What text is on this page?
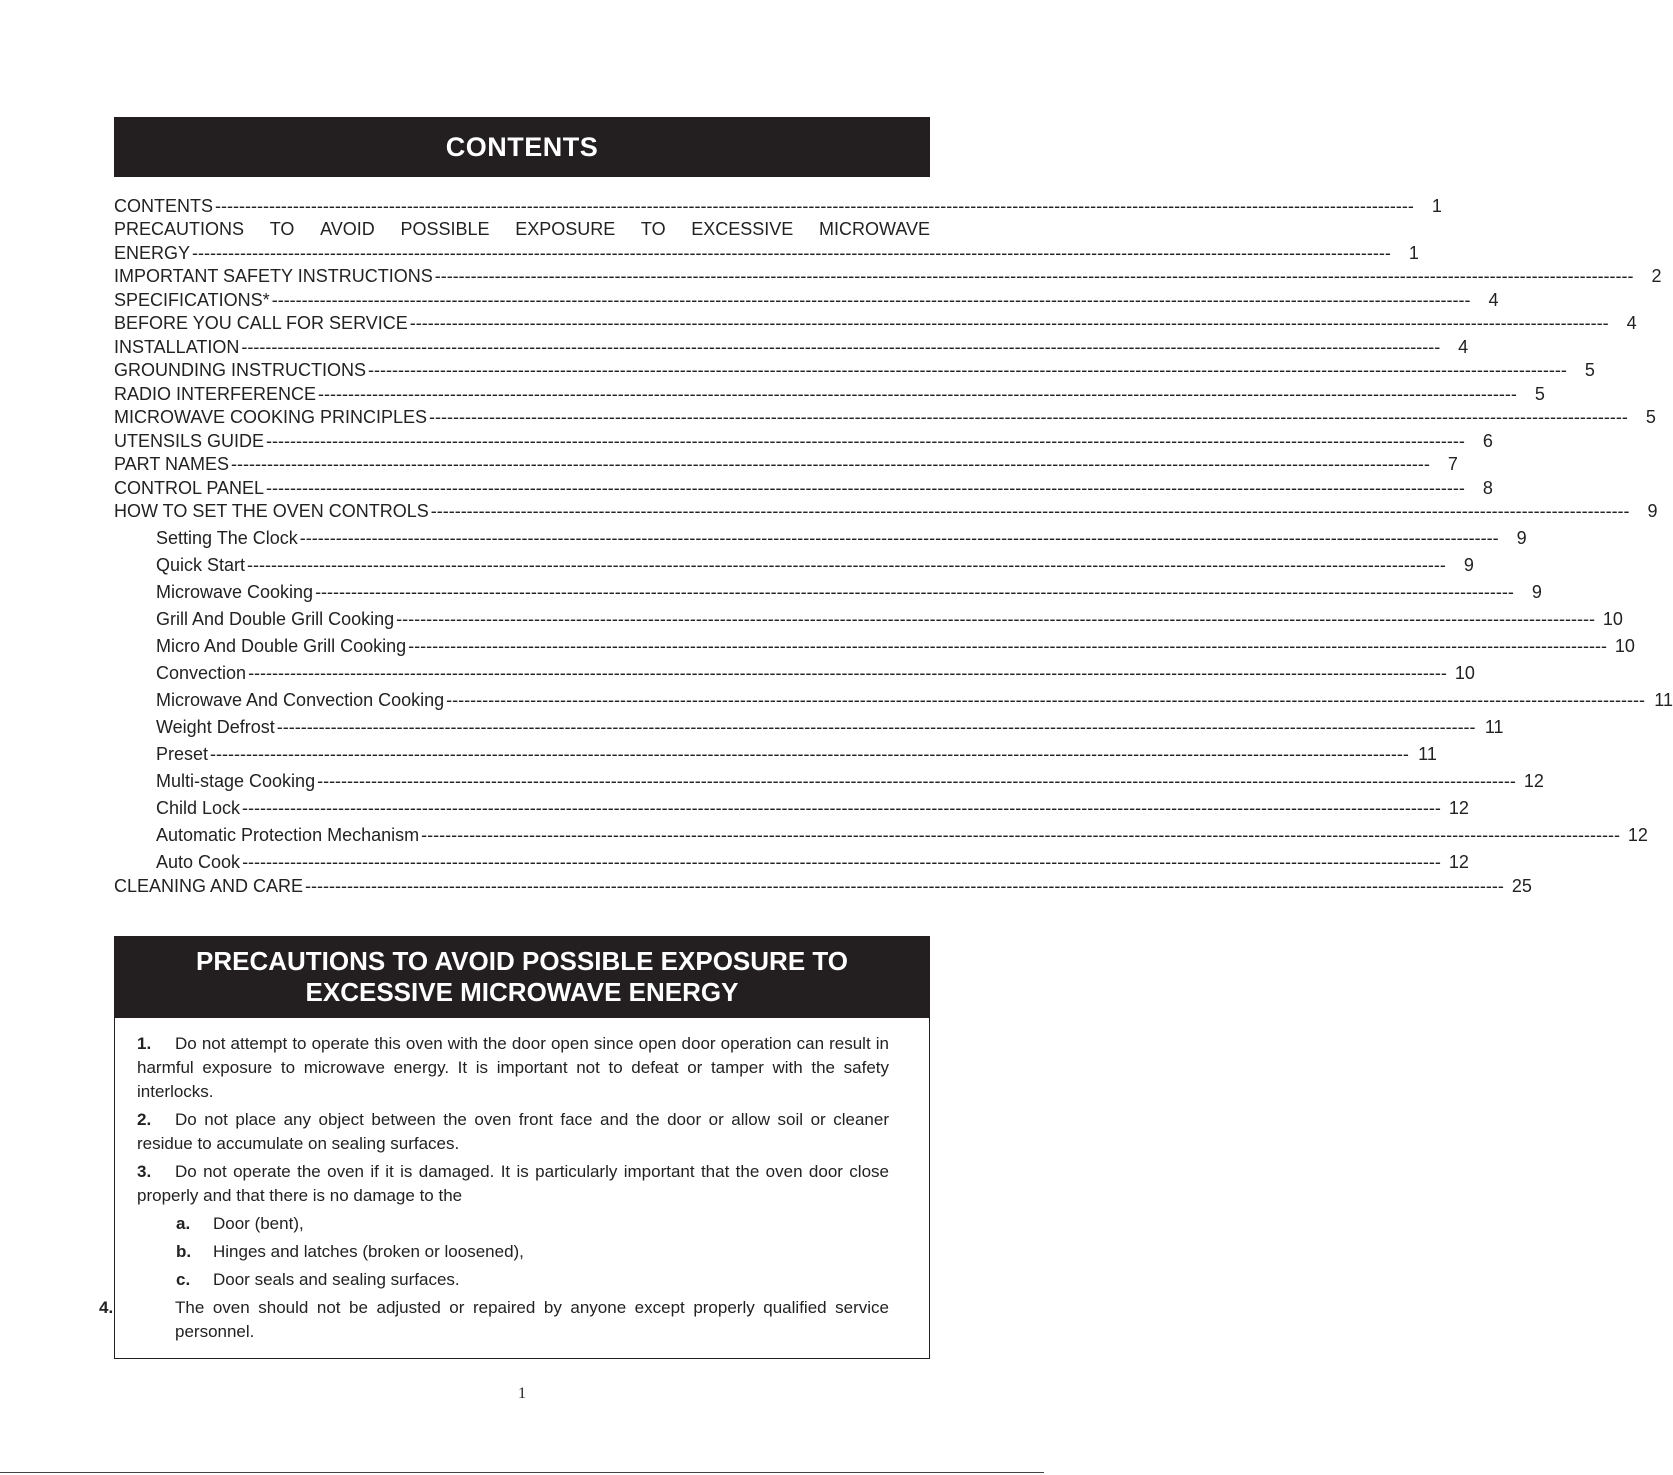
CONTENTS
CONTENTS -------------------------------------------------------------------------------------------------------------------------------------------------------------------------------------------------------- 1
PRECAUTIONS TO AVOID POSSIBLE EXPOSURE TO EXCESSIVE MICROWAVE
ENERGY -------------------------------------------------------------------------------------------------------------------------------------------------------------------------------------------------------- 1
IMPORTANT SAFETY INSTRUCTIONS -------------------------------------------------------------------------------------------------------------------------------------------------------------------------------------------------------- 2
SPECIFICATIONS* -------------------------------------------------------------------------------------------------------------------------------------------------------------------------------------------------------- 4
BEFORE YOU CALL FOR SERVICE -------------------------------------------------------------------------------------------------------------------------------------------------------------------------------------------------------- 4
INSTALLATION -------------------------------------------------------------------------------------------------------------------------------------------------------------------------------------------------------- 4
GROUNDING INSTRUCTIONS -------------------------------------------------------------------------------------------------------------------------------------------------------------------------------------------------------- 5
RADIO INTERFERENCE -------------------------------------------------------------------------------------------------------------------------------------------------------------------------------------------------------- 5
MICROWAVE COOKING PRINCIPLES -------------------------------------------------------------------------------------------------------------------------------------------------------------------------------------------------------- 5
UTENSILS GUIDE -------------------------------------------------------------------------------------------------------------------------------------------------------------------------------------------------------- 6
PART NAMES -------------------------------------------------------------------------------------------------------------------------------------------------------------------------------------------------------- 7
CONTROL PANEL -------------------------------------------------------------------------------------------------------------------------------------------------------------------------------------------------------- 8
HOW TO SET THE OVEN CONTROLS -------------------------------------------------------------------------------------------------------------------------------------------------------------------------------------------------------- 9
Setting The Clock -------------------------------------------------------------------------------------------------------------------------------------------------------------------------------------------------------- 9
Quick Start -------------------------------------------------------------------------------------------------------------------------------------------------------------------------------------------------------- 9
Microwave Cooking -------------------------------------------------------------------------------------------------------------------------------------------------------------------------------------------------------- 9
Grill And Double Grill Cooking -------------------------------------------------------------------------------------------------------------------------------------------------------------------------------------------------------- 10
Micro And Double Grill Cooking -------------------------------------------------------------------------------------------------------------------------------------------------------------------------------------------------------- 10
Convection -------------------------------------------------------------------------------------------------------------------------------------------------------------------------------------------------------- 10
Microwave And Convection Cooking -------------------------------------------------------------------------------------------------------------------------------------------------------------------------------------------------------- 11
Weight Defrost -------------------------------------------------------------------------------------------------------------------------------------------------------------------------------------------------------- 11
Preset -------------------------------------------------------------------------------------------------------------------------------------------------------------------------------------------------------- 11
Multi-stage Cooking -------------------------------------------------------------------------------------------------------------------------------------------------------------------------------------------------------- 12
Child Lock -------------------------------------------------------------------------------------------------------------------------------------------------------------------------------------------------------- 12
Automatic Protection Mechanism -------------------------------------------------------------------------------------------------------------------------------------------------------------------------------------------------------- 12
Auto Cook -------------------------------------------------------------------------------------------------------------------------------------------------------------------------------------------------------- 12
CLEANING AND CARE -------------------------------------------------------------------------------------------------------------------------------------------------------------------------------------------------------- 25
PRECAUTIONS TO AVOID POSSIBLE EXPOSURE TO
EXCESSIVE MICROWAVE ENERGY
1. Do not attempt to operate this oven with the door open since open door operation can result in harmful exposure to microwave energy. It is important not to defeat or tamper with the safety interlocks.
2. Do not place any object between the oven front face and the door or allow soil or cleaner residue to accumulate on sealing surfaces.
3. Do not operate the oven if it is damaged. It is particularly important that the oven door close properly and that there is no damage to the
a. Door (bent),
b. Hinges and latches (broken or loosened),
c. Door seals and sealing surfaces.
4.	The oven should not be adjusted or repaired by anyone except properly qualified service personnel.
1
